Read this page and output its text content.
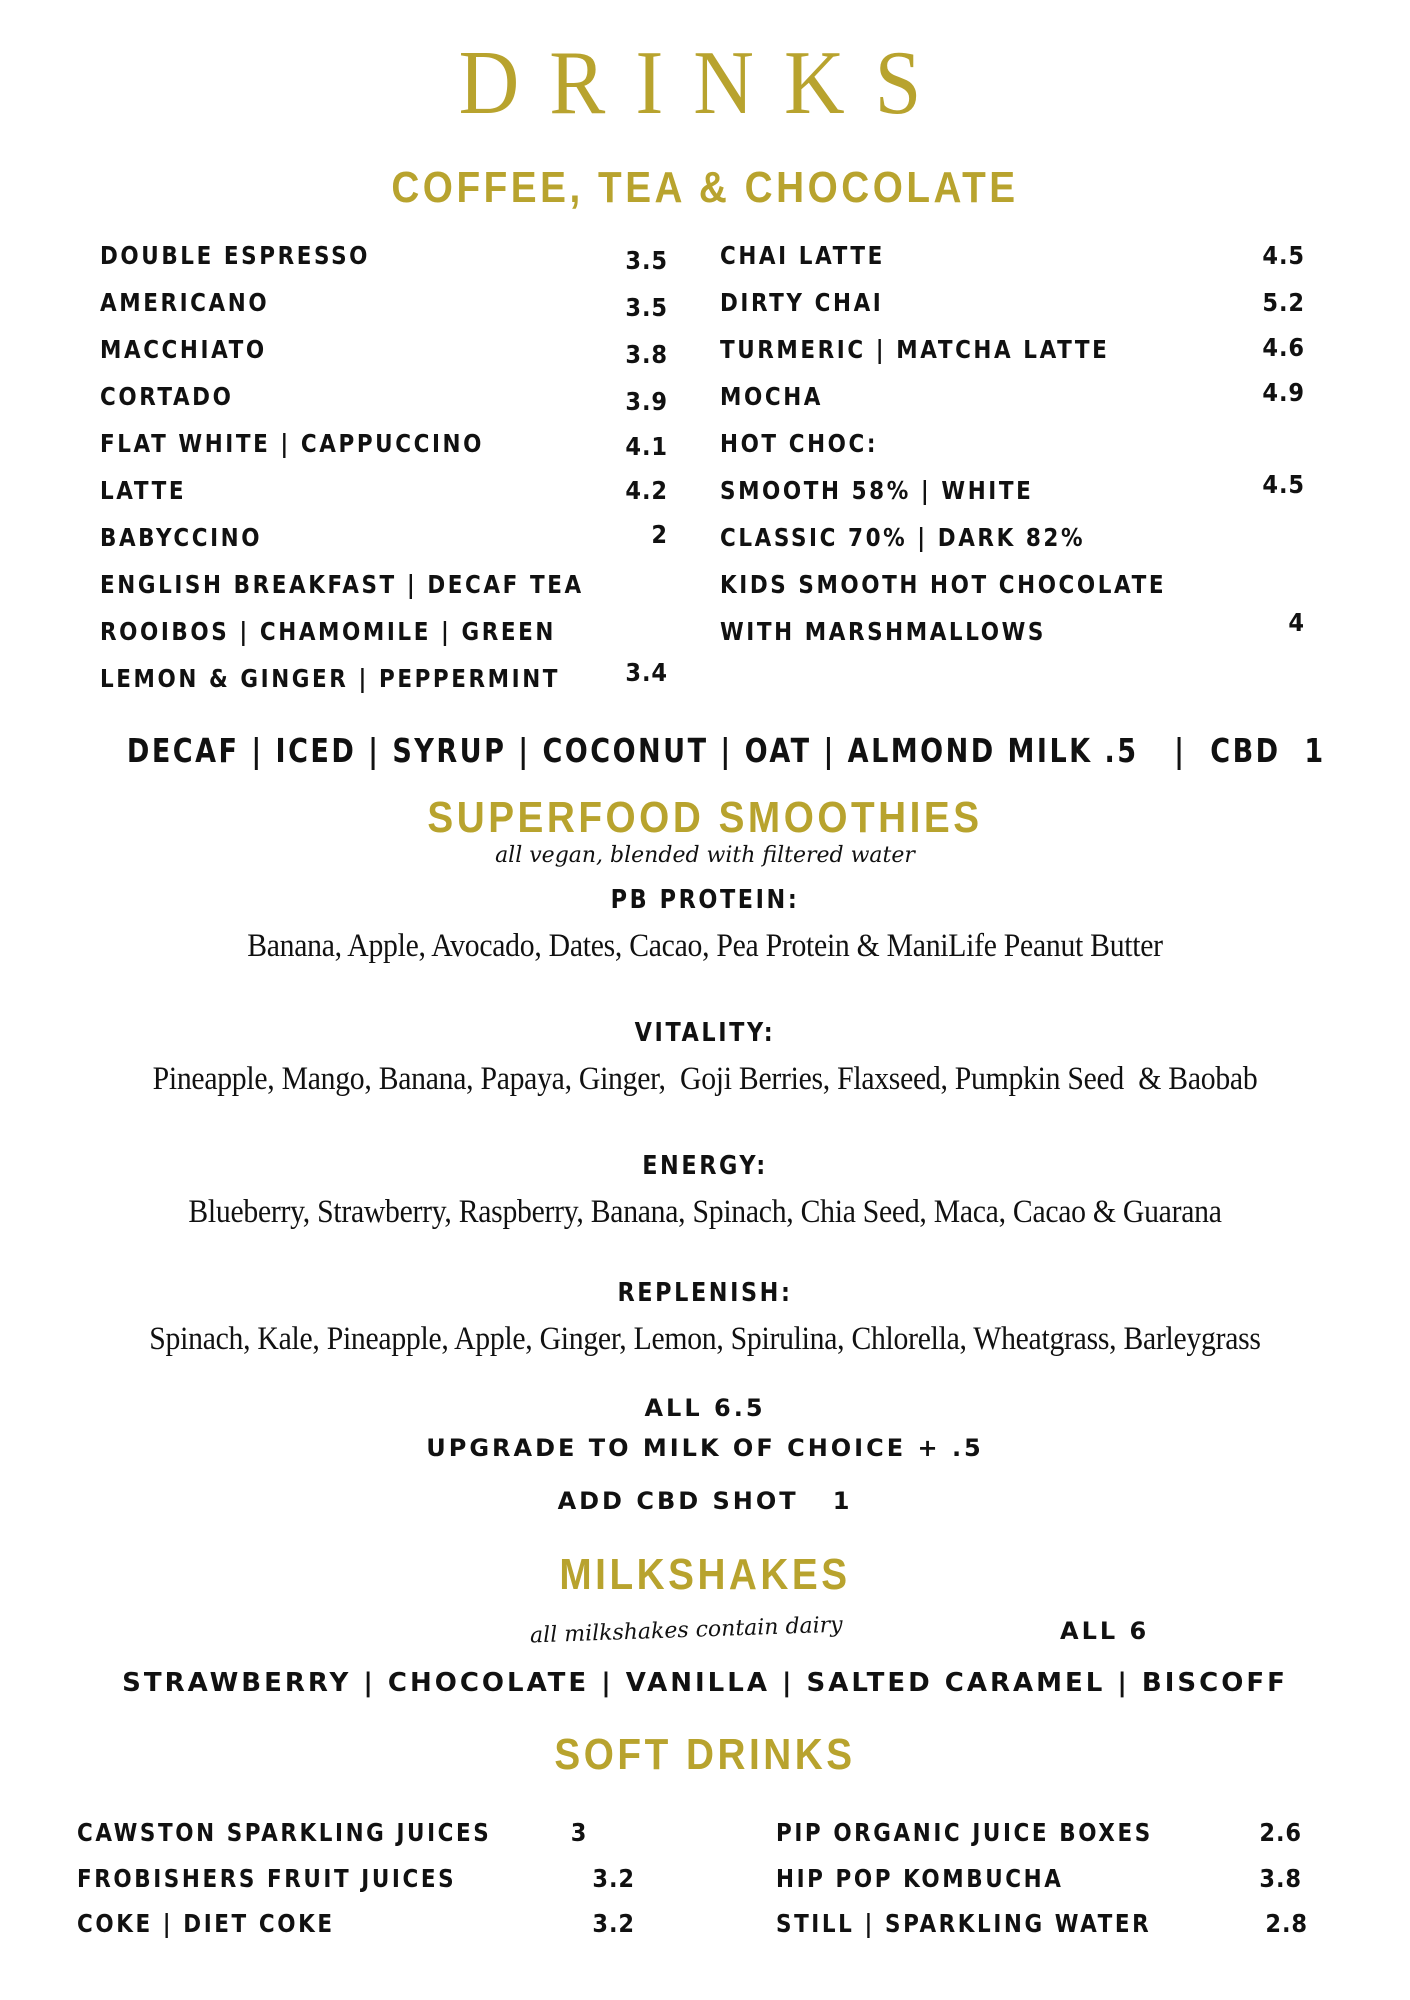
DRINKS
COFFEE, TEA & CHOCOLATE
DOUBLE ESPRESSO	3.5
AMERICANO	3.5
MACCHIATO	3.8
CORTADO	3.9
FLAT WHITE | CAPPUCCINO	4.1
LATTE	4.2
BABYCCINO	2
ENGLISH BREAKFAST | DECAF TEA
ROOIBOS | CHAMOMILE | GREEN
LEMON & GINGER | PEPPERMINT	3.4
CHAI LATTE	4.5
DIRTY CHAI	5.2
TURMERIC | MATCHA LATTE	4.6
MOCHA	4.9
HOT CHOC:
SMOOTH 58% | WHITE	4.5
CLASSIC 70% | DARK 82%
KIDS SMOOTH HOT CHOCOLATE
WITH MARSHMALLOWS	4
DECAF | ICED | SYRUP | COCONUT | OAT | ALMOND MILK .5   |  CBD  1
SUPERFOOD SMOOTHIES
all vegan, blended with filtered water
PB PROTEIN:
Banana, Apple, Avocado, Dates, Cacao, Pea Protein & ManiLife Peanut Butter
VITALITY:
Pineapple, Mango, Banana, Papaya, Ginger,  Goji Berries, Flaxseed, Pumpkin Seed  & Baobab
ENERGY:
Blueberry, Strawberry, Raspberry, Banana, Spinach, Chia Seed, Maca, Cacao & Guarana
REPLENISH:
Spinach, Kale, Pineapple, Apple, Ginger, Lemon, Spirulina, Chlorella, Wheatgrass, Barleygrass
ALL 6.5
UPGRADE TO MILK OF CHOICE + .5
ADD CBD SHOT   1
MILKSHAKES
all milkshakes contain dairy	ALL 6
STRAWBERRY | CHOCOLATE | VANILLA | SALTED CARAMEL | BISCOFF
SOFT DRINKS
CAWSTON SPARKLING JUICES	3
FROBISHERS FRUIT JUICES	3.2
COKE | DIET COKE	3.2
PIP ORGANIC JUICE BOXES	2.6
HIP POP KOMBUCHA	3.8
STILL | SPARKLING WATER	2.8
